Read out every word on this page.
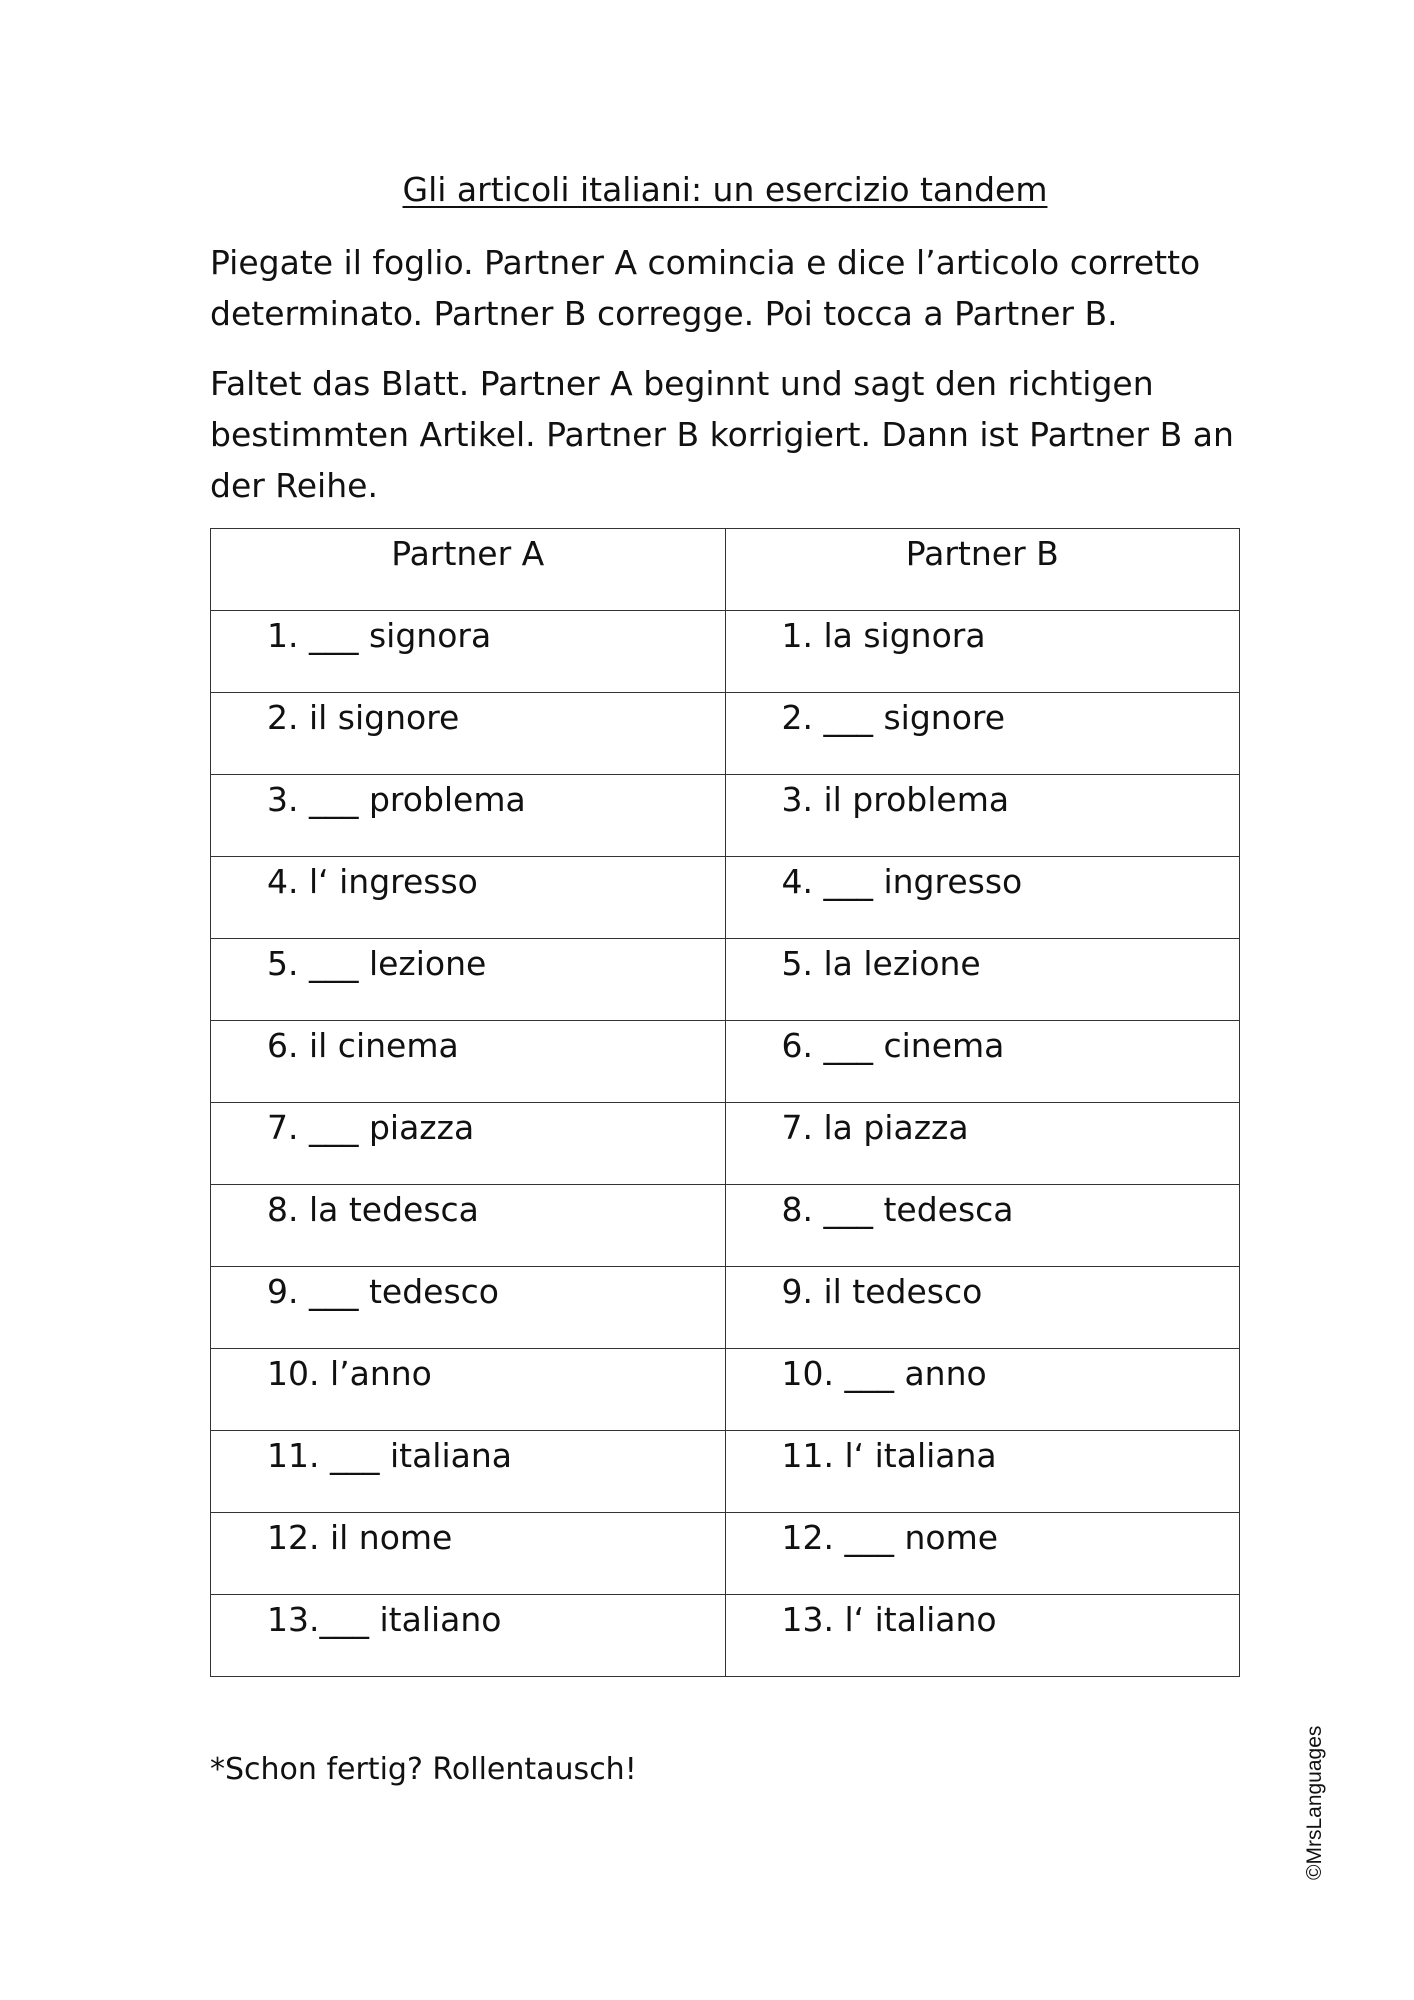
Gli articoli italiani: un esercizio tandem
Piegate il foglio. Partner A comincia e dice l’articolo corretto determinato. Partner B corregge. Poi tocca a Partner B.
Faltet das Blatt. Partner A beginnt und sagt den richtigen bestimmten Artikel. Partner B korrigiert. Dann ist Partner B an der Reihe.
Partner A	Partner B
1. ___ signora	1. la signora
2. il signore	2. ___ signore
3. ___ problema	3. il problema
4. l‘ ingresso	4. ___ ingresso
5. ___ lezione	5. la lezione
6. il cinema	6. ___ cinema
7. ___ piazza	7. la piazza
8. la tedesca	8. ___ tedesca
9. ___ tedesco	9. il tedesco
10. l’anno	10. ___ anno
11. ___ italiana	11. l‘ italiana
12. il nome	12. ___ nome
13.___ italiano	13. l‘ italiano
*Schon fertig? Rollentausch!	©MrsLanguages
